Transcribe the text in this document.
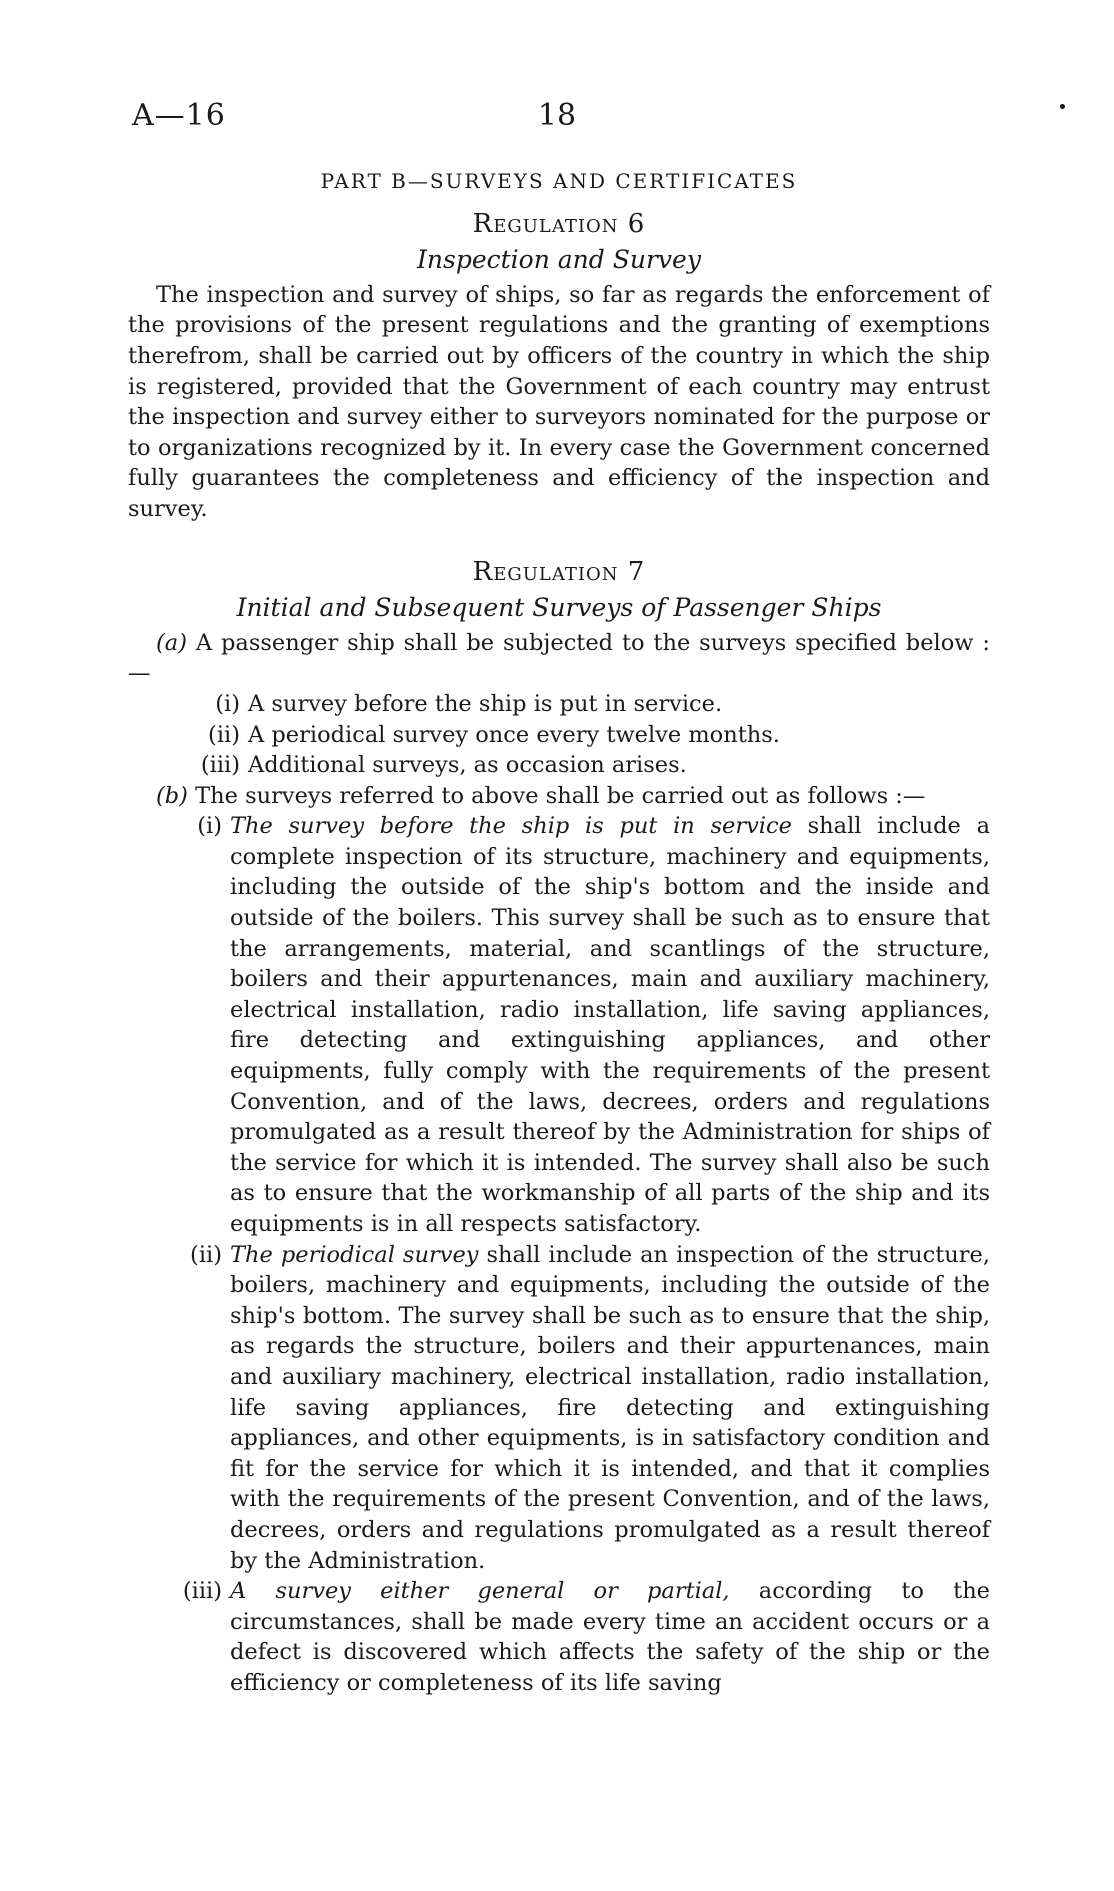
A—16	18
PART B—SURVEYS AND CERTIFICATES
Regulation 6
Inspection and Survey

The inspection and survey of ships, so far as regards the enforcement of the provisions of the present regulations and the granting of exemptions therefrom, shall be carried out by officers of the country in which the ship is registered, provided that the Government of each country may entrust the inspection and survey either to surveyors nominated for the purpose or to organizations recognized by it. In every case the Government concerned fully guarantees the completeness and efficiency of the inspection and survey.

Regulation 7
Initial and Subsequent Surveys of Passenger Ships

(a) A passenger ship shall be subjected to the surveys specified below :—

(i) A survey before the ship is put in service.
(ii) A periodical survey once every twelve months.
(iii) Additional surveys, as occasion arises.

(b) The surveys referred to above shall be carried out as follows :—

(i) The survey before the ship is put in service shall include a complete inspection of its structure, machinery and equipments, including the outside of the ship's bottom and the inside and outside of the boilers. This survey shall be such as to ensure that the arrangements, material, and scantlings of the structure, boilers and their appurtenances, main and auxiliary machinery, electrical installation, radio installation, life saving appliances, fire detecting and extinguishing appliances, and other equipments, fully comply with the requirements of the present Convention, and of the laws, decrees, orders and regulations promulgated as a result thereof by the Administration for ships of the service for which it is intended. The survey shall also be such as to ensure that the workmanship of all parts of the ship and its equipments is in all respects satisfactory.
(ii) The periodical survey shall include an inspection of the structure, boilers, machinery and equipments, including the outside of the ship's bottom. The survey shall be such as to ensure that the ship, as regards the structure, boilers and their appurtenances, main and auxiliary machinery, electrical installation, radio installation, life saving appliances, fire detecting and extinguishing appliances, and other equipments, is in satisfactory condition and fit for the service for which it is intended, and that it complies with the requirements of the present Convention, and of the laws, decrees, orders and regulations promulgated as a result thereof by the Administration.
(iii) A survey either general or partial, according to the circumstances, shall be made every time an accident occurs or a defect is discovered which affects the safety of the ship or the efficiency or completeness of its life saving
